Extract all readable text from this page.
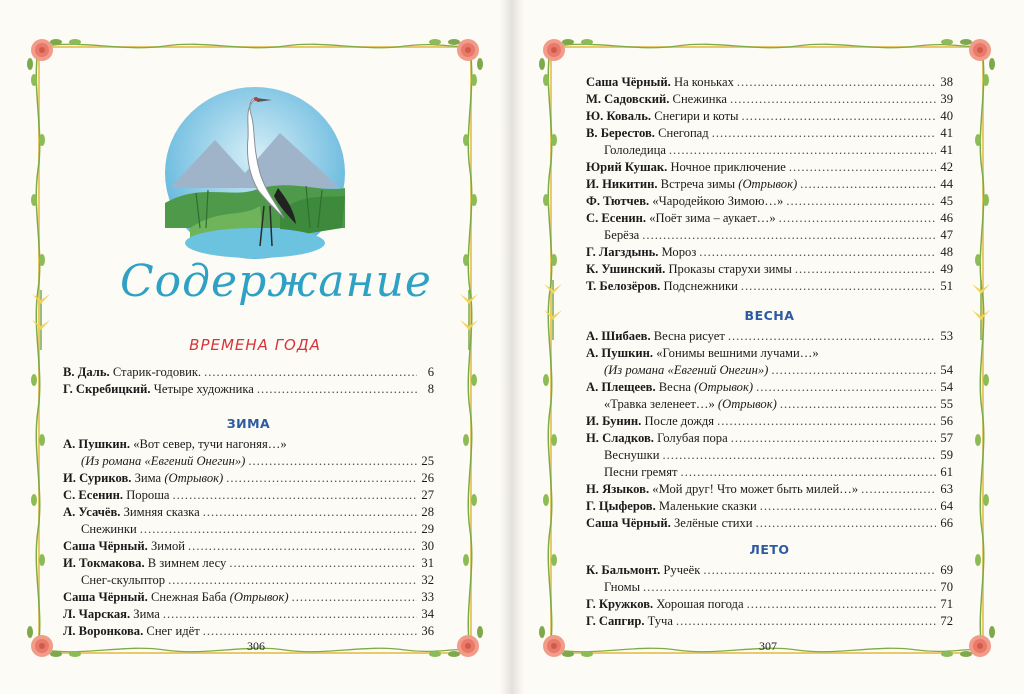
Содержание
ВРЕМЕНА ГОДА
В. Даль. Старик-годовик. .....	6
Г. Скребицкий. Четыре художника .....	8
ЗИМА
А. Пушкин. «Вот север, тучи нагоняя…»
(Из романа «Евгений Онегин») .....	25
И. Суриков. Зима (Отрывок) .....	26
С. Есенин. Пороша .....	27
А. Усачёв. Зимняя сказка .....	28
Снежинки .....	29
Саша Чёрный. Зимой .....	30
И. Токмакова. В зимнем лесу .....	31
Снег-скульптор .....	32
Саша Чёрный. Снежная Баба (Отрывок) .....	33
Л. Чарская. Зима .....	34
Л. Воронкова. Снег идёт .....	36
306
Саша Чёрный. На коньках .....	38
М. Садовский. Снежинка .....	39
Ю. Коваль. Снегири и коты .....	40
В. Берестов. Снегопад .....	41
Гололедица .....	41
Юрий Кушак. Ночное приключение .....	42
И. Никитин. Встреча зимы (Отрывок) .....	44
Ф. Тютчев. «Чародейкою Зимою…» .....	45
С. Есенин. «Поёт зима – аукает…» .....	46
Берёза .....	47
Г. Лагздынь. Мороз .....	48
К. Ушинский. Проказы старухи зимы .....	49
Т. Белозёров. Подснежники .....	51
ВЕСНА
А. Шибаев. Весна рисует .....	53
А. Пушкин. «Гонимы вешними лучами…»
(Из романа «Евгений Онегин») .....	54
А. Плещеев. Весна (Отрывок) .....	54
«Травка зеленеет…» (Отрывок) .....	55
И. Бунин. После дождя .....	56
Н. Сладков. Голубая пора .....	57
Веснушки .....	59
Песни гремят .....	61
Н. Языков. «Мой друг! Что может быть милей…» .....	63
Г. Цыферов. Маленькие сказки .....	64
Саша Чёрный. Зелёные стихи .....	66
ЛЕТО
К. Бальмонт. Ручеёк .....	69
Гномы .....	70
Г. Кружков. Хорошая погода .....	71
Г. Сапгир. Туча .....	72
307
